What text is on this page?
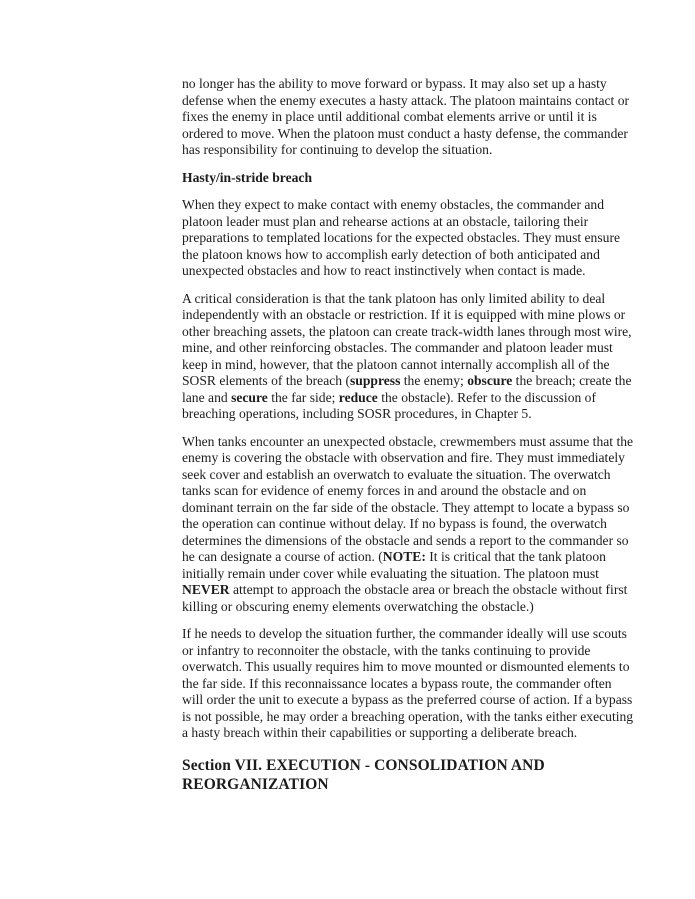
no longer has the ability to move forward or bypass. It may also set up a hasty defense when the enemy executes a hasty attack. The platoon maintains contact or fixes the enemy in place until additional combat elements arrive or until it is ordered to move. When the platoon must conduct a hasty defense, the commander has responsibility for continuing to develop the situation.

Hasty/in-stride breach

When they expect to make contact with enemy obstacles, the commander and platoon leader must plan and rehearse actions at an obstacle, tailoring their preparations to templated locations for the expected obstacles. They must ensure the platoon knows how to accomplish early detection of both anticipated and unexpected obstacles and how to react instinctively when contact is made.

A critical consideration is that the tank platoon has only limited ability to deal independently with an obstacle or restriction. If it is equipped with mine plows or other breaching assets, the platoon can create track-width lanes through most wire, mine, and other reinforcing obstacles. The commander and platoon leader must keep in mind, however, that the platoon cannot internally accomplish all of the SOSR elements of the breach (suppress the enemy; obscure the breach; create the lane and secure the far side; reduce the obstacle). Refer to the discussion of breaching operations, including SOSR procedures, in Chapter 5.

When tanks encounter an unexpected obstacle, crewmembers must assume that the enemy is covering the obstacle with observation and fire. They must immediately seek cover and establish an overwatch to evaluate the situation. The overwatch tanks scan for evidence of enemy forces in and around the obstacle and on dominant terrain on the far side of the obstacle. They attempt to locate a bypass so the operation can continue without delay. If no bypass is found, the overwatch determines the dimensions of the obstacle and sends a report to the commander so he can designate a course of action. (NOTE: It is critical that the tank platoon initially remain under cover while evaluating the situation. The platoon must NEVER attempt to approach the obstacle area or breach the obstacle without first killing or obscuring enemy elements overwatching the obstacle.)

If he needs to develop the situation further, the commander ideally will use scouts or infantry to reconnoiter the obstacle, with the tanks continuing to provide overwatch. This usually requires him to move mounted or dismounted elements to the far side. If this reconnaissance locates a bypass route, the commander often will order the unit to execute a bypass as the preferred course of action. If a bypass is not possible, he may order a breaching operation, with the tanks either executing a hasty breach within their capabilities or supporting a deliberate breach.

Section VII. EXECUTION - CONSOLIDATION AND REORGANIZATION
